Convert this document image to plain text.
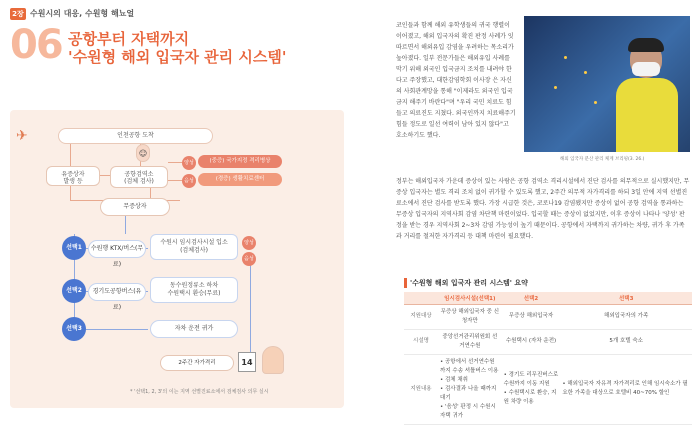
2장 수원시의 대응, 수원형 해뇨얼
06 공항부터 자택까지
'수원형 해외 입국자 관리 시스템'
✈	인천공항 도착
유증상자
발생 등
공항검역소
(검체 검사)
☺
양성
음성
(중증) 국가지정 격리병상
(경증) 생활치료센터
무증상자
선택1	수원행 KTX/버스(무료)
수원시 임시검사시설 입소
(검체검사)
양성
음성
선택2	경기도공항버스(유료)
동수원정류소 하차
수원택시 환승(무료)
선택3	자차 운전 귀가
2주간 자가격리	14
* '선택1, 2, 3'의 이는 지역 선별진료소에서 검체검사 의무 실시
코인들과 함께 해외 유학생들의 귀국 행렬이 이어졌고, 해외 입국자의 확진 판정 사례가 잇따르면서 해외유입 감염을 우려하는 목소리가 높아졌다. 일부 전문가들은 해외유입 사례를 막기 위해 외국인 입국금지 조치를 내려야 한다고 주장했고, 대한감염학회 이사장 은 자신의 사회관계망을 통해 "이제라도 외국인 입국금지 해주기 바란다"며 "우리 국민 치료도 힘들고 의료진도 지쳤다. 외국인까지 치료해주기 힘들 정도로 일선 여력이 남아 있지 않다"고 호소하기도 했다.
해외 입국자 분산 관리 체계 브리핑(3. 26.)
정부는 해외입국자 가운데 증상이 있는 사람은 공항 검역소 격리시설에서 진단 검사를 의무적으로 실시했지만, 무증상 입국자는 별도 격리 조치 없이 귀가할 수 있도록 했고, 2주간 의무적 자가격리를 하되 3일 안에 지역 선별진료소에서 진단 검사를 받도록 했다. 가장 시급한 것은, 코로나19 감염됐지만 증상이 없어 공항 검역을 통과하는 무증상 입국자의 지역사회 감염 차단책 마련이었다. 입국할 때는 증상이 없었지만, 이후 증상이 나타나 '양성' 판정을 받는 경우 지역사회 2~3차 감염 가능성이 높기 때문이다. 공항에서 자택까지 귀가하는 차량, 귀가 후 가족과 거리를 철저한 자가격리 등 대책 마련이 필요했다.
'수원형 해외 입국자 관리 시스템' 요약
	임시검사시설(선택1)	선택2	선택3
지원대상	무증상 해외입국자 중 신청자만	무증상 해외입국자	해외입국자의 가족
시설명	중앙선거관리위원회 선거연수원	수원택시 (자차 운전)	5개 호텔 숙소
지원내용	• 공항에서 선거연수원까지 수송 셔틀버스 이용
• 검체 채취
• 검사결과 나올 때까지 대기
• '음성' 판정 시 수원시 자택 귀가	• 경기도 리무진버스로 수원까지 이동 지원
• 수원택시로 환승, 지원 차량 이용	• 해외입국자 자유격 자가격리로 인해 임시숙소가 필요한 가족을 대상으로 호텔비 40~70% 할인
